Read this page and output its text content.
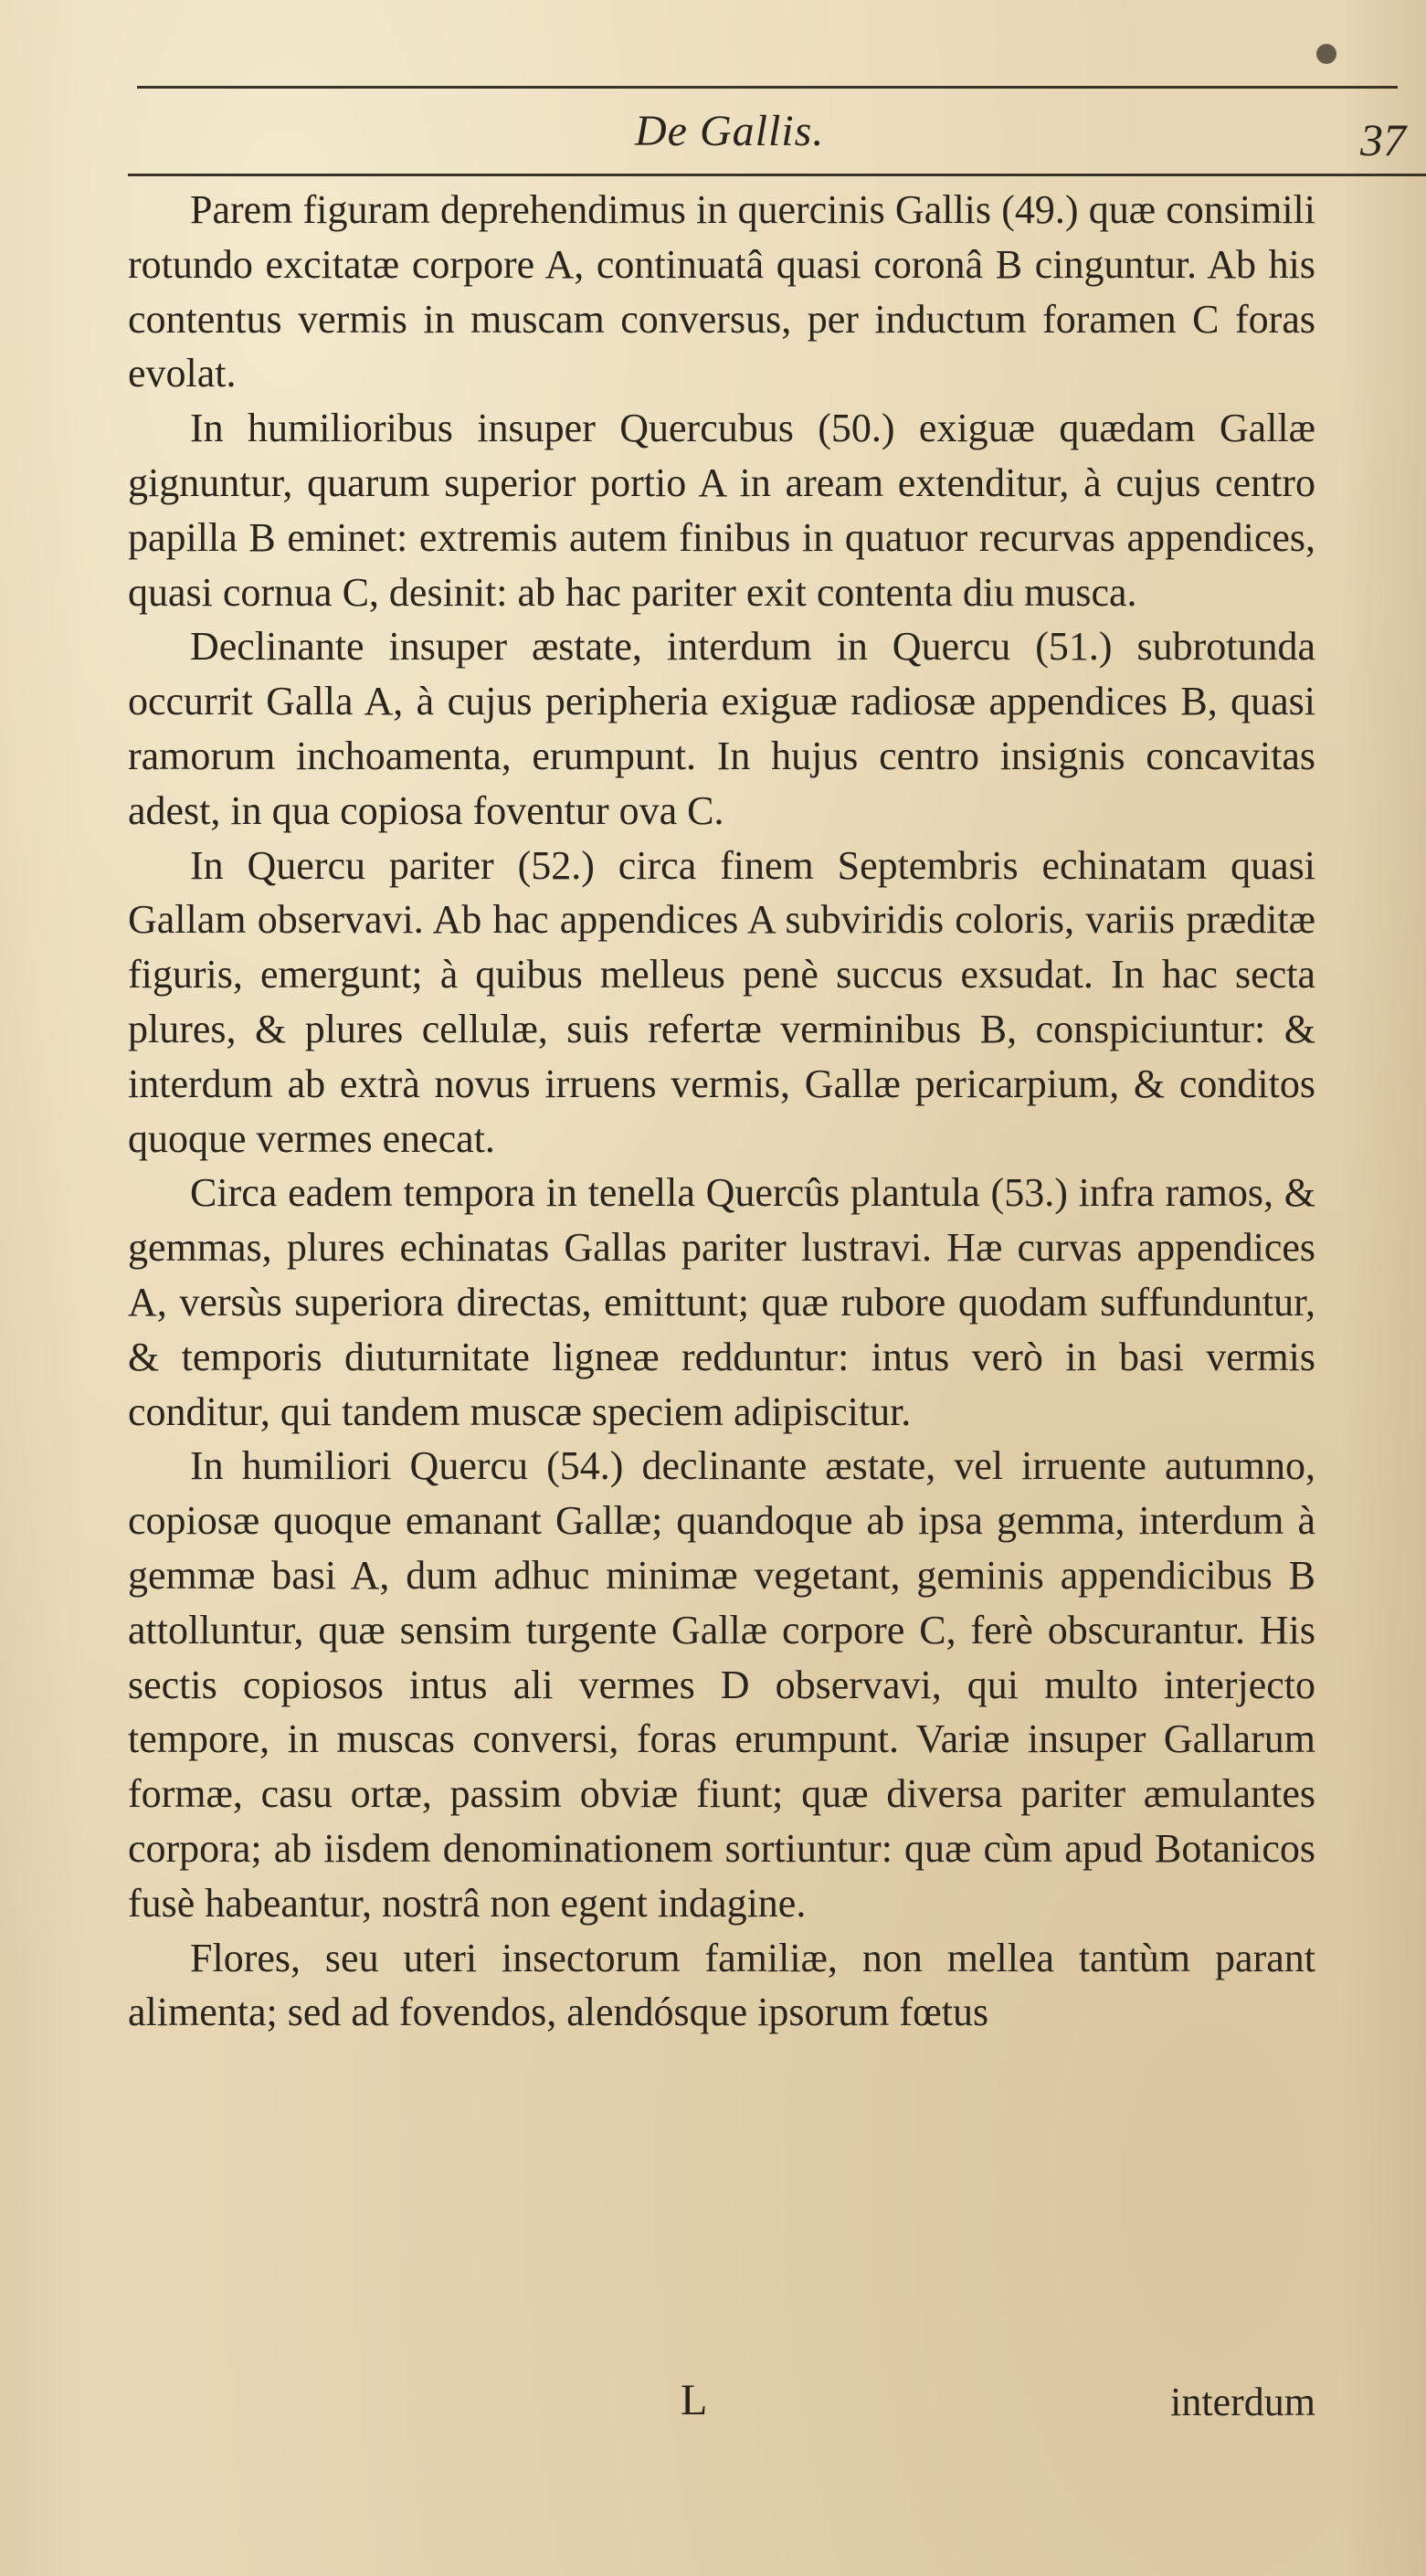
De Gallis.	37

Parem figuram deprehendimus in quercinis Gallis (49.) quæ consimili rotundo excitatæ corpore A, continuatâ quasi coronâ B cinguntur. Ab his contentus vermis in muscam conversus, per inductum foramen C foras evolat.

In humilioribus insuper Quercubus (50.) exiguæ quædam Gallæ gignuntur, quarum superior portio A in aream extenditur, à cujus centro papilla B eminet: extremis autem finibus in quatuor recurvas appendices, quasi cornua C, desinit: ab hac pariter exit contenta diu musca.

Declinante insuper æstate, interdum in Quercu (51.) subrotunda occurrit Galla A, à cujus peripheria exiguæ radiosæ appendices B, quasi ramorum inchoamenta, erumpunt. In hujus centro insignis concavitas adest, in qua copiosa foventur ova C.

In Quercu pariter (52.) circa finem Septembris echinatam quasi Gallam observavi. Ab hac appendices A subviridis coloris, variis præditæ figuris, emergunt; à quibus melleus penè succus exsudat. In hac secta plures, & plures cellulæ, suis refertæ verminibus B, conspiciuntur: & interdum ab extrà novus irruens vermis, Gallæ pericarpium, & conditos quoque vermes enecat.

Circa eadem tempora in tenella Quercûs plantula (53.) infra ramos, & gemmas, plures echinatas Gallas pariter lustravi. Hæ curvas appendices A, versùs superiora directas, emittunt; quæ rubore quodam suffunduntur, & temporis diuturnitate ligneæ redduntur: intus verò in basi vermis conditur, qui tandem muscæ speciem adipiscitur.

In humiliori Quercu (54.) declinante æstate, vel irruente autumno, copiosæ quoque emanant Gallæ; quandoque ab ipsa gemma, interdum à gemmæ basi A, dum adhuc minimæ vegetant, geminis appendicibus B attolluntur, quæ sensim turgente Gallæ corpore C, ferè obscurantur. His sectis copiosos intus ali vermes D observavi, qui multo interjecto tempore, in muscas conversi, foras erumpunt. Variæ insuper Gallarum formæ, casu ortæ, passim obviæ fiunt; quæ diversa pariter æmulantes corpora; ab iisdem denominationem sortiuntur: quæ cùm apud Botanicos fusè habeantur, nostrâ non egent indagine.

Flores, seu uteri insectorum familiæ, non mellea tantùm parant alimenta; sed ad fovendos, alendósque ipsorum fœtus

L	interdum
